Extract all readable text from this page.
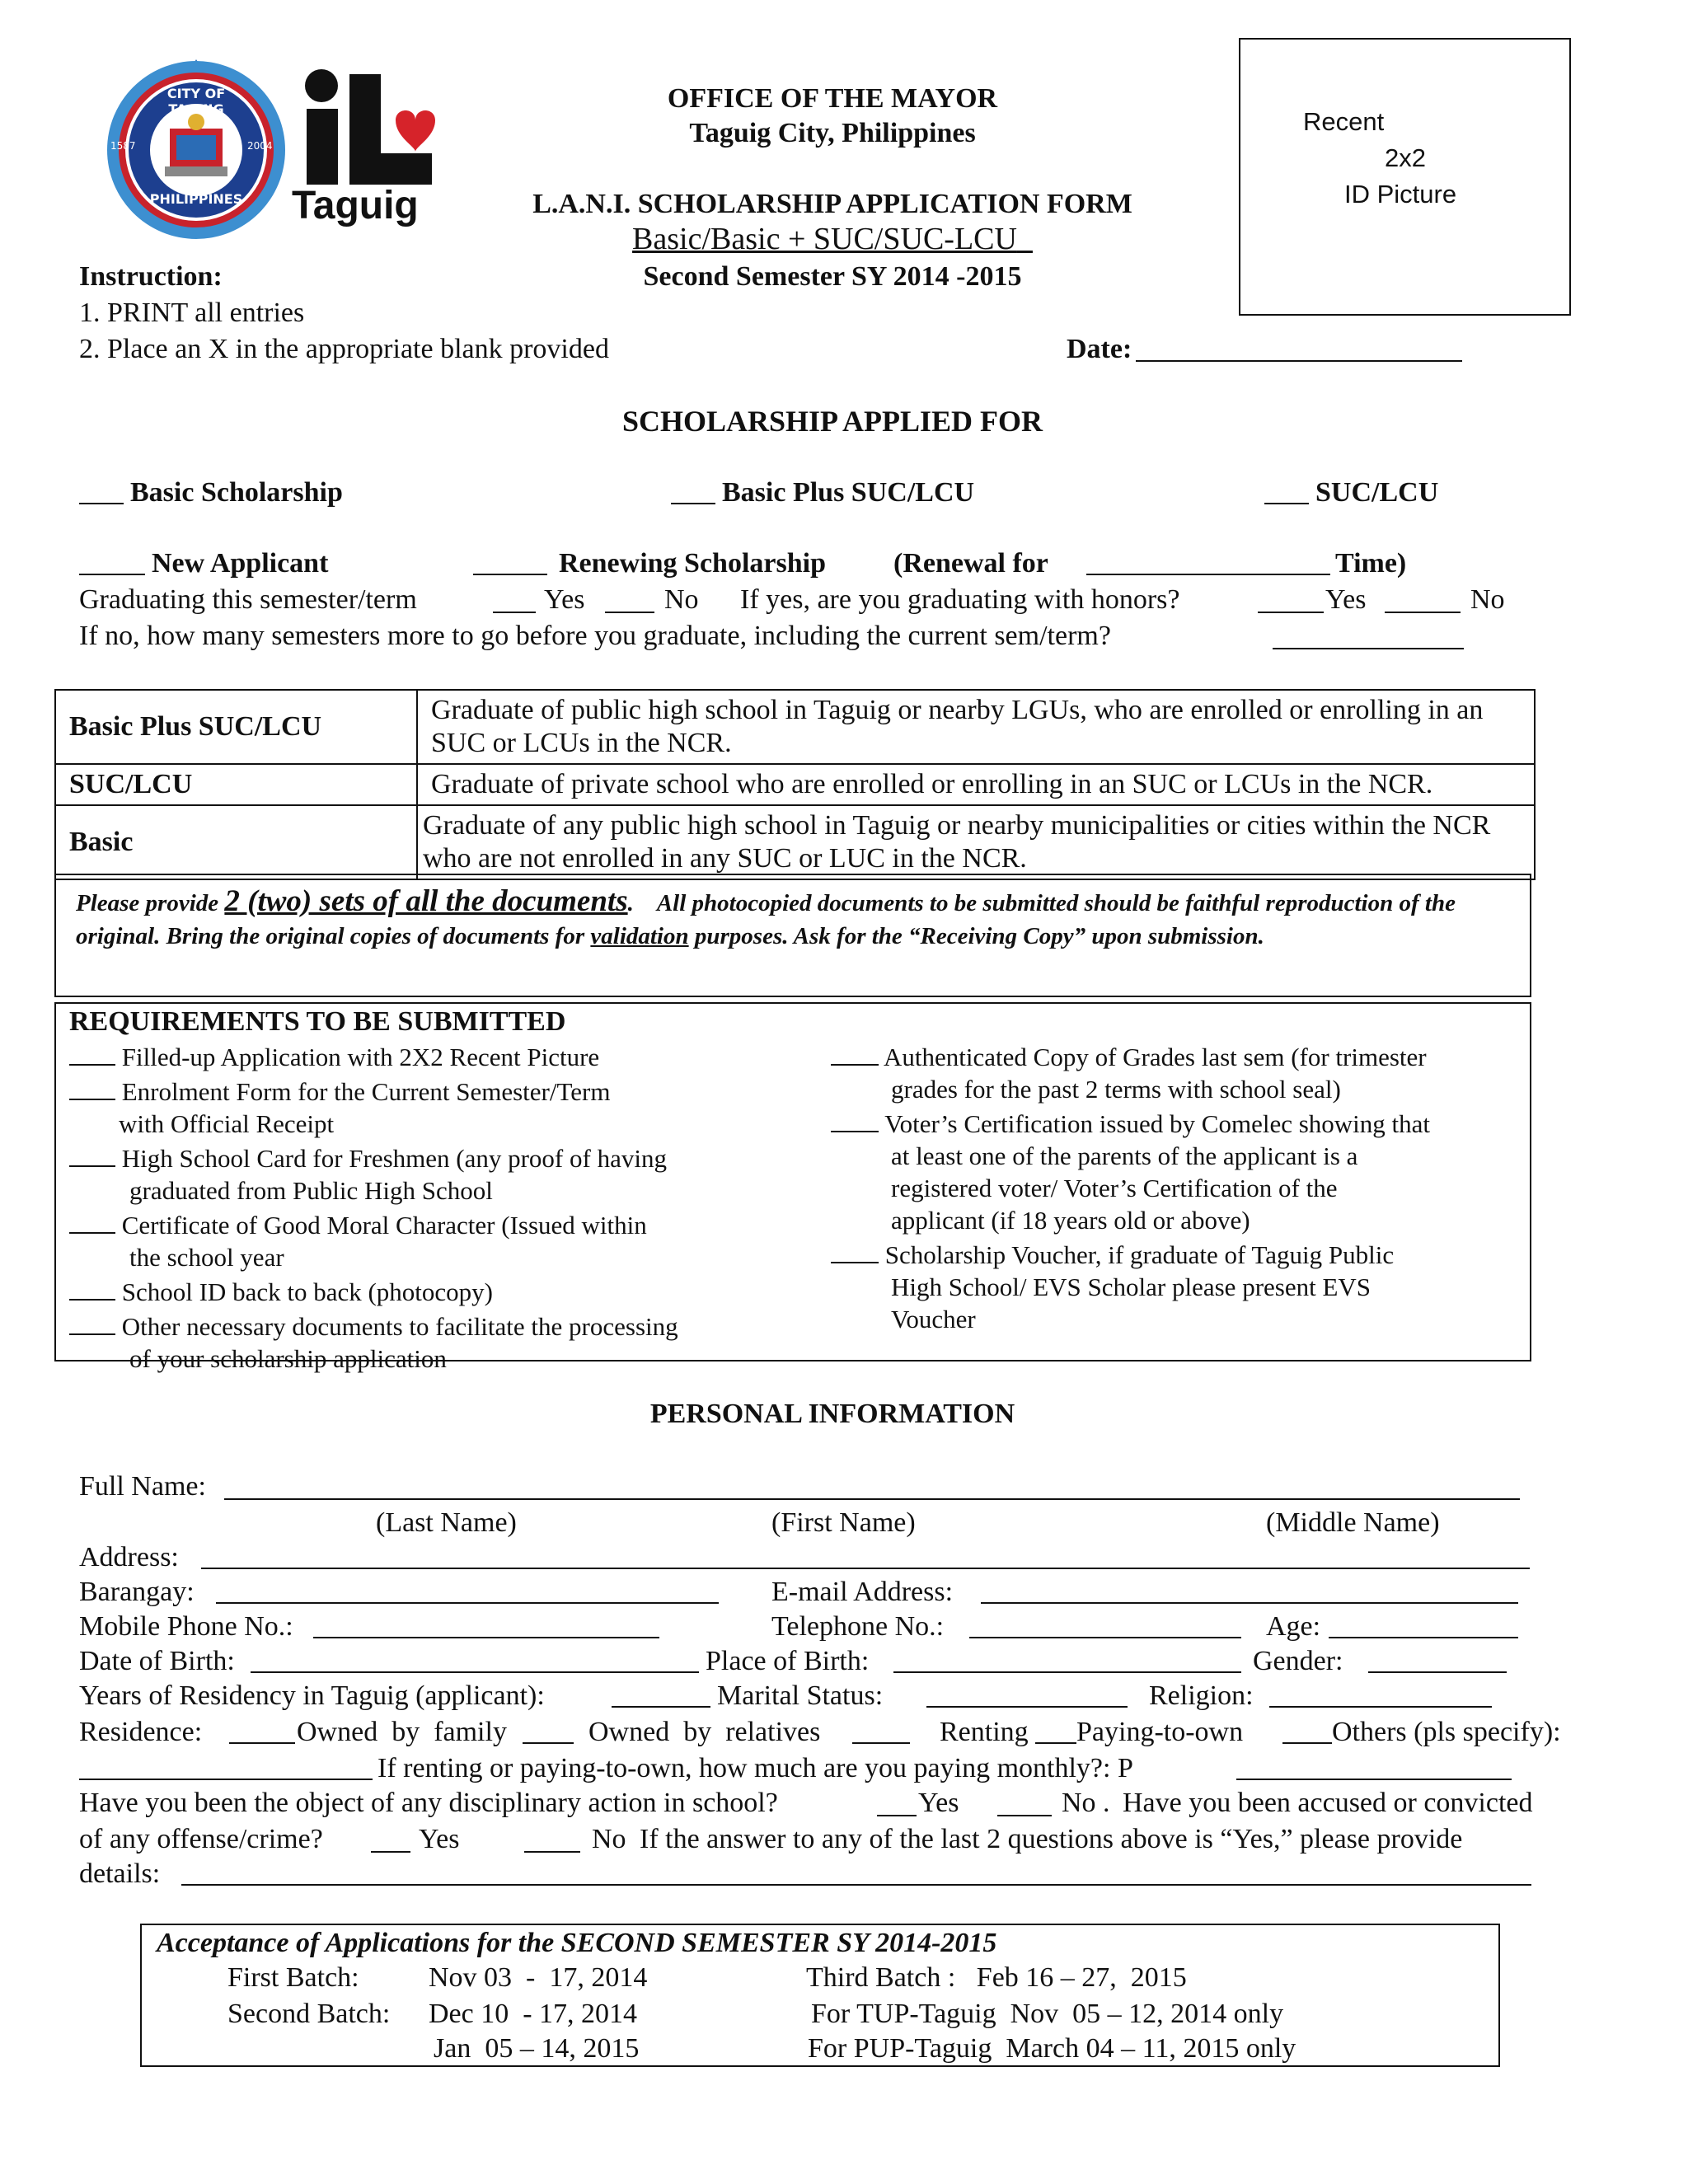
CITY OF TAGUIG
PHILIPPINES
1587	2004
Taguig
OFFICE OF THE MAYOR
Taguig City, Philippines
L.A.N.I. SCHOLARSHIP APPLICATION FORM
Basic/Basic + SUC/SUC-LCU
Second Semester SY 2014 -2015
Recent
2x2
ID Picture
Instruction:
1. PRINT all entries
2. Place an X in the appropriate blank provided	Date:
SCHOLARSHIP APPLIED FOR
Basic Scholarship	Basic Plus SUC/LCU	SUC/LCU
New Applicant	Renewing Scholarship (Renewal for	Time)
Graduating this semester/term	Yes	No If yes, are you graduating with honors?	Yes	No
If no, how many semesters more to go before you graduate, including the current sem/term?
Basic Plus SUC/LCU	Graduate of public high school in Taguig or nearby LGUs, who are enrolled or enrolling in an SUC or LCUs in the NCR.
SUC/LCU	Graduate of private school who are enrolled or enrolling in an SUC or LCUs in the NCR.
Basic	Graduate of any public high school in Taguig or nearby municipalities or cities within the NCR who are not enrolled in any SUC or LUC in the NCR.
Please provide 2 (two) sets of all the documents. All photocopied documents to be submitted should be faithful reproduction of the original. Bring the original copies of documents for validation purposes. Ask for the “Receiving Copy” upon submission.
REQUIREMENTS TO BE SUBMITTED
Filled-up Application with 2X2 Recent Picture
Enrolment Form for the Current Semester/Term
with Official Receipt
High School Card for Freshmen (any proof of having
graduated from Public High School
Certificate of Good Moral Character (Issued within
the school year
School ID back to back (photocopy)
Other necessary documents to facilitate the processing
of your scholarship application
Authenticated Copy of Grades last sem (for trimester
grades for the past 2 terms with school seal)
Voter’s Certification issued by Comelec showing that
at least one of the parents of the applicant is a
registered voter/ Voter’s Certification of the
applicant (if 18 years old or above)
Scholarship Voucher, if graduate of Taguig Public
High School/ EVS Scholar please present EVS
Voucher
PERSONAL INFORMATION
Full Name:
(Last Name)	(First Name)	(Middle Name)
Address:
Barangay:	E-mail Address:
Mobile Phone No.:	Telephone No.:	Age:
Date of Birth:	Place of Birth:	Gender:
Years of Residency in Taguig (applicant):	Marital Status:	Religion:
Residence:	Owned  by  family	Owned  by  relatives	Renting Paying-to-own	Others (pls specify):
If renting or paying-to-own, how much are you paying monthly?: P
Have you been the object of any disciplinary action in school?	Yes	No . Have you been accused or convicted
of any offense/crime?	Yes	No If the answer to any of the last 2 questions above is “Yes,” please provide
details:
Acceptance of Applications for the SECOND SEMESTER SY 2014-2015
First Batch: Nov 03  -  17, 2014	Third Batch :   Feb 16 – 27,  2015
Second Batch: Dec 10  - 17, 2014	For TUP-Taguig  Nov  05 – 12, 2014 only
Jan  05 – 14, 2015	For PUP-Taguig  March 04 – 11, 2015 only
